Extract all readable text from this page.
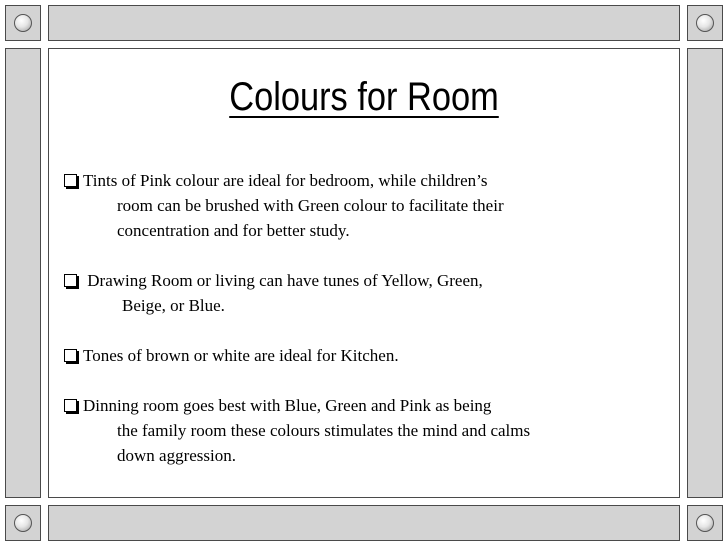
Colours for Room
Tints of Pink colour are ideal for bedroom, while children’s
room can be brushed with Green colour to facilitate their
concentration and for better study.
Drawing Room or living can have tunes of Yellow, Green,
Beige, or Blue.
Tones of brown or white are ideal for Kitchen.
Dinning room goes best with Blue, Green and Pink as being
the family room these colours stimulates the mind and calms
down aggression.
